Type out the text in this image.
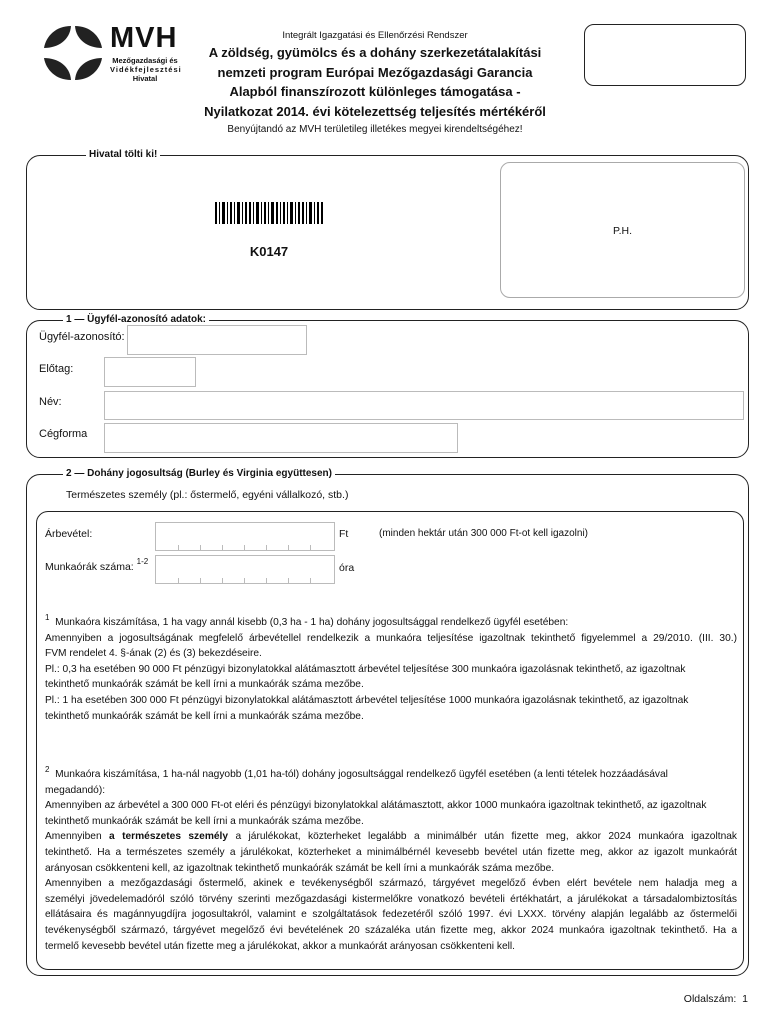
MVH
Mezőgazdasági és
Vidékfejlesztési
Hivatal
Integrált Igazgatási és Ellenőrzési Rendszer
A zöldség, gyümölcs és a dohány szerkezetátalakítási
nemzeti program Európai Mezőgazdasági Garancia
Alapból finanszírozott különleges támogatása -
Nyilatkozat 2014. évi kötelezettség teljesítés mértékéről
Benyújtandó az MVH területileg illetékes megyei kirendeltségéhez!
Hivatal tölti ki!
K0147
P.H.
1 — Ügyfél-azonosító adatok:
Ügyfél-azonosító:
Előtag:
Név:
Cégforma
2 — Dohány jogosultság (Burley és Virginia együttesen)
Természetes személy (pl.: őstermelő, egyéni vállalkozó, stb.)
Árbevétel:	Ft	(minden hektár után 300 000 Ft-ot kell igazolni)
Munkaórák száma: $^{1-2}$
óra
$^1$ Munkaóra kiszámítása, 1 ha vagy annál kisebb (0,3 ha - 1 ha) dohány jogosultsággal rendelkező ügyfél esetében:
Amennyiben a jogosultságának megfelelő árbevétellel rendelkezik a munkaóra teljesítése igazoltnak tekinthető figyelemmel a 29/2010. (III. 30.)
FVM rendelet 4. §-ának (2) és (3) bekezdéseire.
Pl.: 0,3 ha esetében 90 000 Ft pénzügyi bizonylatokkal alátámasztott árbevétel teljesítése 300 munkaóra igazolásnak tekinthető, az igazoltnak
tekinthető munkaórák számát be kell írni a munkaórák száma mezőbe.
Pl.: 1 ha esetében 300 000 Ft pénzügyi bizonylatokkal alátámasztott árbevétel teljesítése 1000 munkaóra igazolásnak tekinthető, az igazoltnak
tekinthető munkaórák számát be kell írni a munkaórák száma mezőbe.
$^2$ Munkaóra kiszámítása, 1 ha-nál nagyobb (1,01 ha-tól) dohány jogosultsággal rendelkező ügyfél esetében (a lenti tételek hozzáadásával
megadandó):
Amennyiben az árbevétel a 300 000 Ft-ot eléri és pénzügyi bizonylatokkal alátámasztott, akkor 1000 munkaóra igazoltnak tekinthető, az igazoltnak
tekinthető munkaórák számát be kell írni a munkaórák száma mezőbe.
Amennyiben a természetes személy a járulékokat, közterheket legalább a minimálbér után fizette meg, akkor 2024 munkaóra igazoltnak
tekinthető. Ha a természetes személy a járulékokat, közterheket a minimálbérnél kevesebb bevétel után fizette meg, akkor az igazolt munkaórát
arányosan csökkenteni kell, az igazoltnak tekinthető munkaórák számát be kell írni a munkaórák száma mezőbe.
Amennyiben a mezőgazdasági őstermelő, akinek e tevékenységből származó, tárgyévet megelőző évben elért bevétele nem haladja meg a
személyi jövedelemadóról szóló törvény szerinti mezőgazdasági kistermelőkre vonatkozó bevételi értékhatárt, a járulékokat a társadalombiztosítás
ellátásaira és magánnyugdíjra jogosultakról, valamint e szolgáltatások fedezetéről szóló 1997. évi LXXX. törvény alapján legalább az őstermelői
tevékenységből származó, tárgyévet megelőző évi bevételének 20 százaléka után fizette meg, akkor 2024 munkaóra igazoltnak tekinthető. Ha a
termelő kevesebb bevétel után fizette meg a járulékokat, akkor a munkaórát arányosan csökkenteni kell.
Oldalszám: 1
